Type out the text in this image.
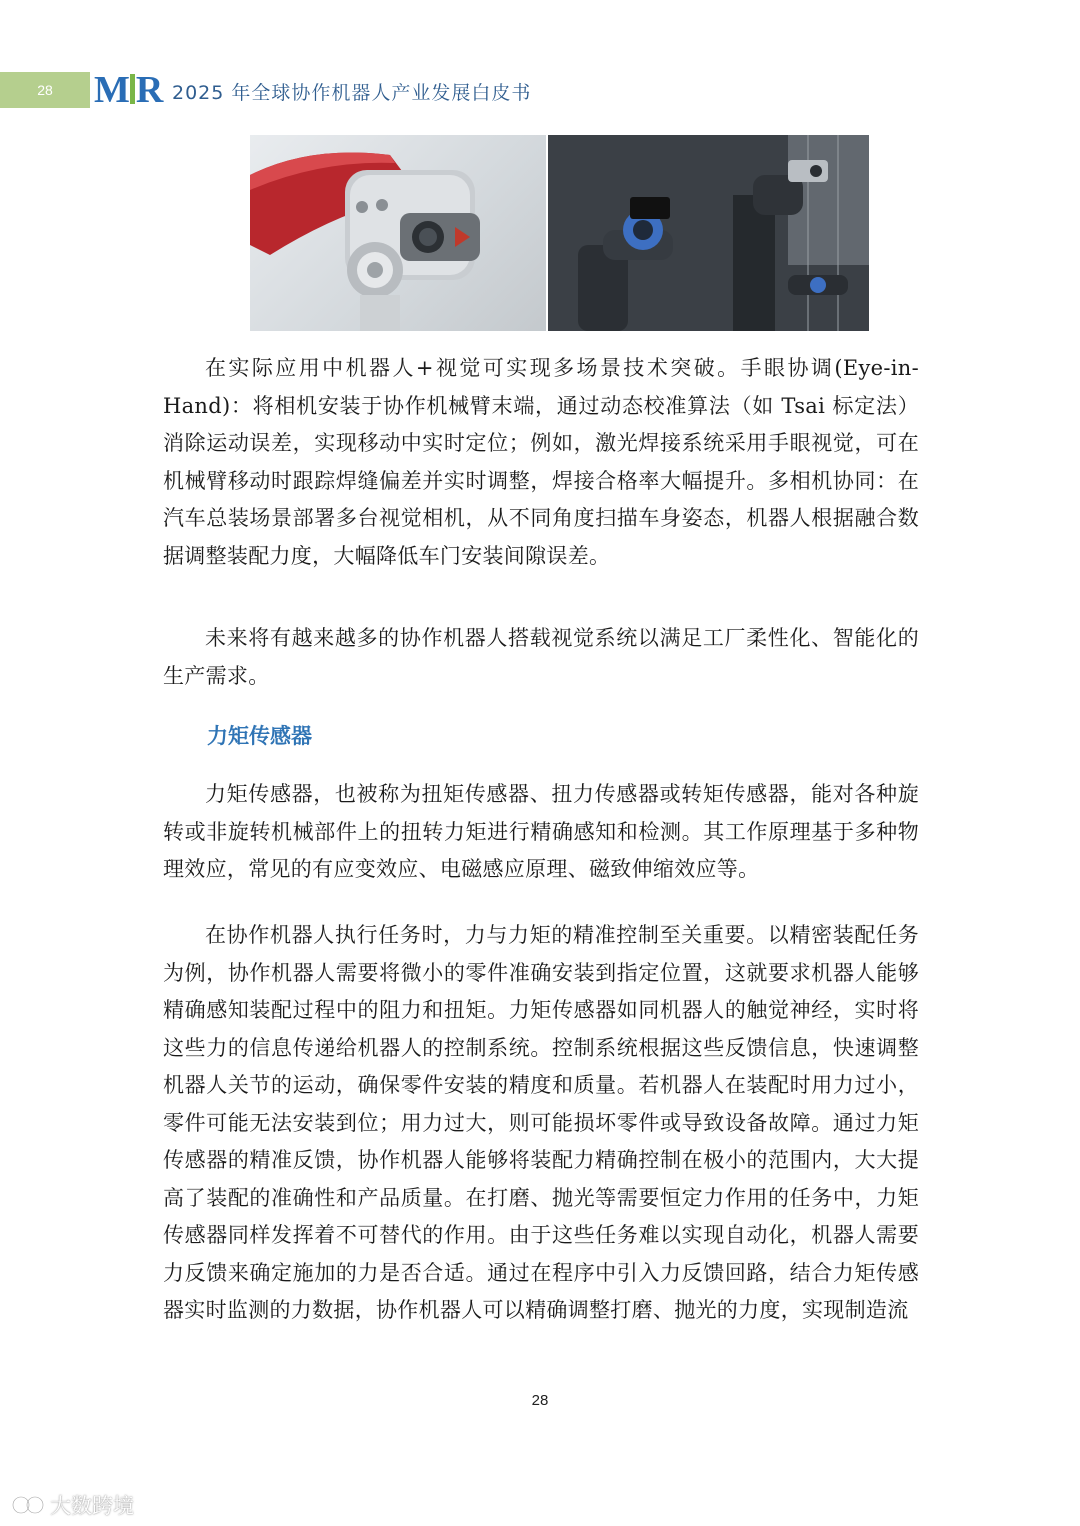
28 M R 2025 年全球协作机器人产业发展白皮书

在实际应用中机器人+视觉可实现多场景技术突破。手眼协调(Eye-in-Hand)：将相机安装于协作机械臂末端，通过动态校准算法（如 Tsai 标定法）消除运动误差，实现移动中实时定位；例如，激光焊接系统采用手眼视觉，可在机械臂移动时跟踪焊缝偏差并实时调整，焊接合格率大幅提升。多相机协同：在汽车总装场景部署多台视觉相机，从不同角度扫描车身姿态，机器人根据融合数据调整装配力度，大幅降低车门安装间隙误差。

未来将有越来越多的协作机器人搭载视觉系统以满足工厂柔性化、智能化的生产需求。

力矩传感器

力矩传感器，也被称为扭矩传感器、扭力传感器或转矩传感器，能对各种旋转或非旋转机械部件上的扭转力矩进行精确感知和检测。其工作原理基于多种物理效应，常见的有应变效应、电磁感应原理、磁致伸缩效应等。

在协作机器人执行任务时，力与力矩的精准控制至关重要。以精密装配任务为例，协作机器人需要将微小的零件准确安装到指定位置，这就要求机器人能够精确感知装配过程中的阻力和扭矩。力矩传感器如同机器人的触觉神经，实时将这些力的信息传递给机器人的控制系统。控制系统根据这些反馈信息，快速调整机器人关节的运动，确保零件安装的精度和质量。若机器人在装配时用力过小，零件可能无法安装到位；用力过大，则可能损坏零件或导致设备故障。通过力矩传感器的精准反馈，协作机器人能够将装配力精确控制在极小的范围内，大大提高了装配的准确性和产品质量。在打磨、抛光等需要恒定力作用的任务中，力矩传感器同样发挥着不可替代的作用。由于这些任务难以实现自动化，机器人需要力反馈来确定施加的力是否合适。通过在程序中引入力反馈回路，结合力矩传感器实时监测的力数据，协作机器人可以精确调整打磨、抛光的力度，实现制造流

28
大数跨境
